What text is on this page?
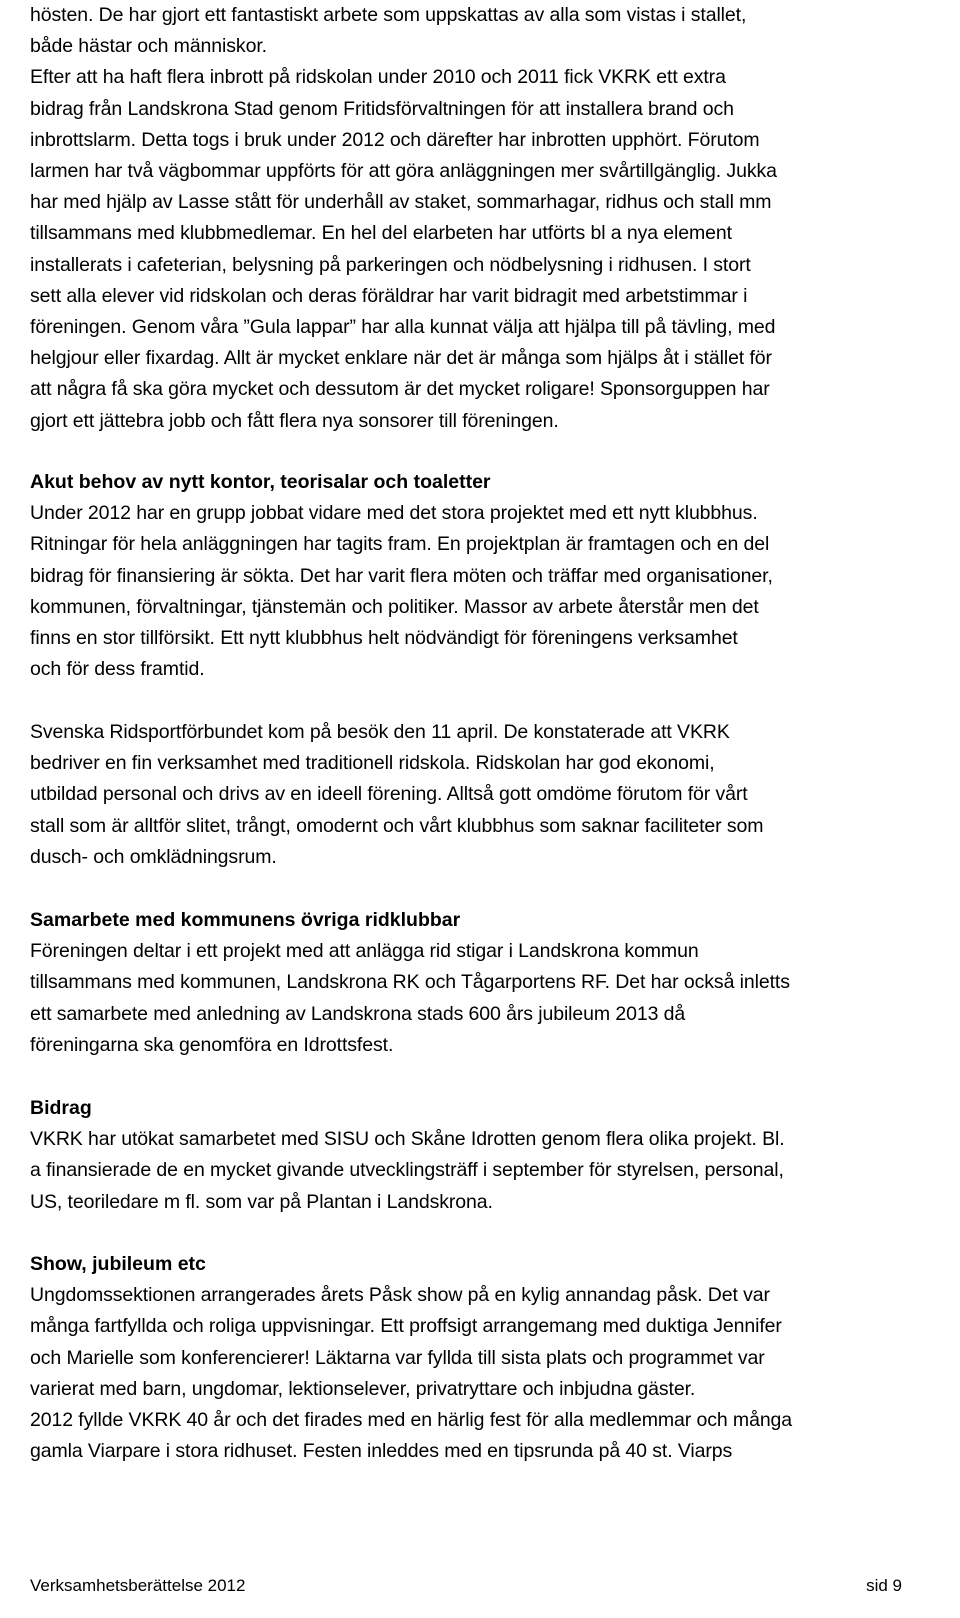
hösten. De har gjort ett fantastiskt arbete som uppskattas av alla som vistas i stallet,
både hästar och människor.
Efter att ha haft flera inbrott på ridskolan under 2010 och 2011 fick VKRK ett extra
bidrag från Landskrona Stad genom Fritidsförvaltningen för att installera brand och
inbrottslarm. Detta togs i bruk under 2012 och därefter har inbrotten upphört. Förutom
larmen har två vägbommar uppförts för att göra anläggningen mer svårtillgänglig. Jukka
har med hjälp av Lasse stått för underhåll av staket, sommarhagar, ridhus och stall mm
tillsammans med klubbmedlemar. En hel del elarbeten har utförts bl a nya element
installerats i cafeterian, belysning på parkeringen och nödbelysning i ridhusen. I stort
sett alla elever vid ridskolan och deras föräldrar har varit bidragit med arbetstimmar i
föreningen. Genom våra ”Gula lappar” har alla kunnat välja att hjälpa till på tävling, med
helgjour eller fixardag. Allt är mycket enklare när det är många som hjälps åt i stället för
att några få ska göra mycket och dessutom är det mycket roligare! Sponsorguppen har
gjort ett jättebra jobb och fått flera nya sonsorer till föreningen.

Akut behov av nytt kontor, teorisalar och toaletter

Under 2012 har en grupp jobbat vidare med det stora projektet med ett nytt klubbhus.
Ritningar för hela anläggningen har tagits fram. En projektplan är framtagen och en del
bidrag för finansiering är sökta. Det har varit flera möten och träffar med organisationer,
kommunen, förvaltningar, tjänstemän och politiker. Massor av arbete återstår men det
finns en stor tillförsikt. Ett nytt klubbhus helt nödvändigt för föreningens verksamhet
och för dess framtid.

Svenska Ridsportförbundet kom på besök den 11 april. De konstaterade att VKRK
bedriver en fin verksamhet med traditionell ridskola. Ridskolan har god ekonomi,
utbildad personal och drivs av en ideell förening. Alltså gott omdöme förutom för vårt
stall som är alltför slitet, trångt, omodernt och vårt klubbhus som saknar faciliteter som
dusch- och omklädningsrum.

Samarbete med kommunens övriga ridklubbar

Föreningen deltar i ett projekt med att anlägga rid stigar i Landskrona kommun
tillsammans med kommunen, Landskrona RK och Tågarportens RF. Det har också inletts
ett samarbete med anledning av Landskrona stads 600 års jubileum 2013 då
föreningarna ska genomföra en Idrottsfest.

Bidrag

VKRK har utökat samarbetet med SISU och Skåne Idrotten genom flera olika projekt. Bl.
a finansierade de en mycket givande utvecklingsträff i september för styrelsen, personal,
US, teoriledare m fl. som var på Plantan i Landskrona.

Show, jubileum etc

Ungdomssektionen arrangerades årets Påsk show på en kylig annandag påsk. Det var
många fartfyllda och roliga uppvisningar. Ett proffsigt arrangemang med duktiga Jennifer
och Marielle som konferencierer! Läktarna var fyllda till sista plats och programmet var
varierat med barn, ungdomar, lektionselever, privatryttare och inbjudna gäster.
2012 fyllde VKRK 40 år och det firades med en härlig fest för alla medlemmar och många
gamla Viarpare i stora ridhuset. Festen inleddes med en tipsrunda på 40 st. Viarps

Verksamhetsberättelse 2012	sid 9
